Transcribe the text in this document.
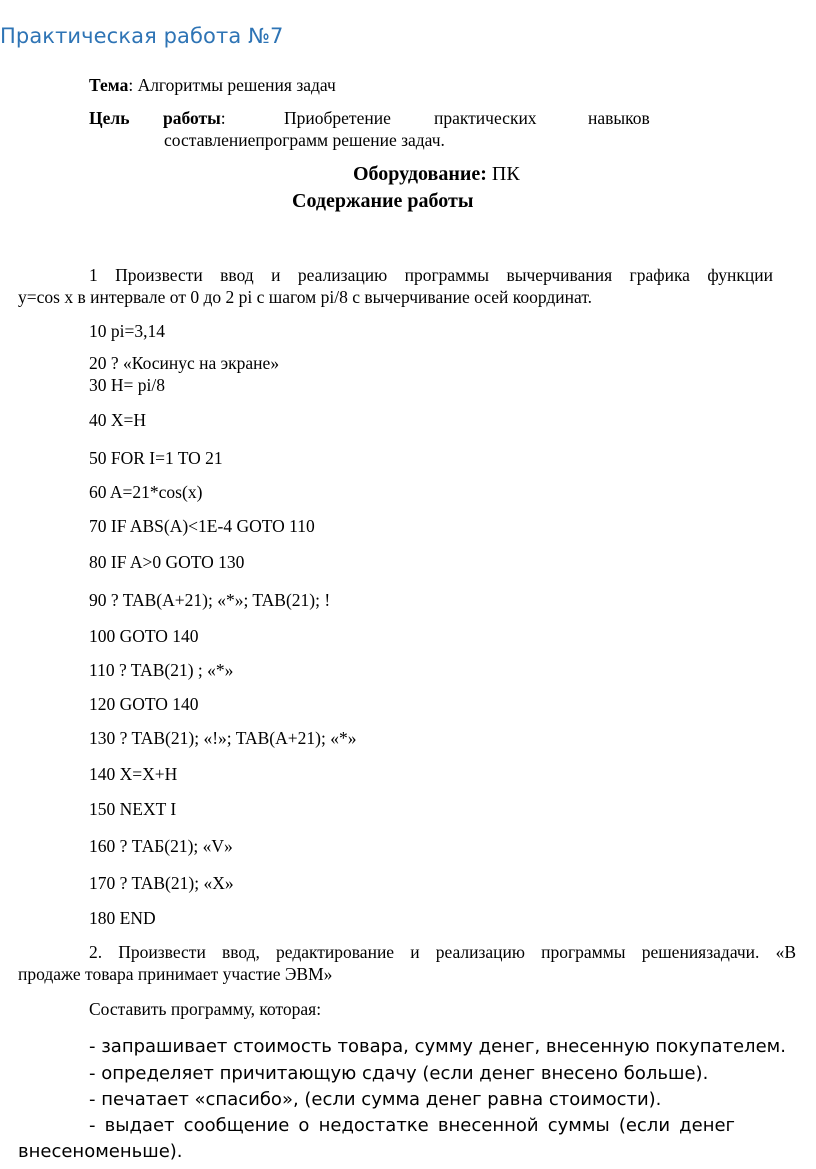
Практическая работа №7
Тема: Алгоритмы решения задач
Цель работы:	Приобретение практических	навыков
составлениепрограмм решение задач.
Оборудование: ПК
Содержание работы
1 Произвести ввод и реализацию программы вычерчивания графика функции
y=cos x в интервале от 0 до 2 pi с шагом pi/8 с вычерчивание осей координат.
10 pi=3,14
20 ? «Косинус на экране»
30 H= pi/8
40 X=H
50 FOR I=1 TO 21
60 A=21*cos(x)
70 IF ABS(A)<1E-4 GOTO 110
80 IF A>0 GOTO 130
90 ? TAB(A+21); «*»; TAB(21); !
100 GOTO 140
110 ? TAB(21) ; «*»
120 GOTO 140
130 ? TAB(21); «!»; TAB(A+21); «*»
140 X=X+H
150 NEXT I
160 ? ТАБ(21); «V»
170 ? TAB(21); «X»
180 END
2. Произвести ввод, редактирование и реализацию программы решениязадачи. «В
продаже товара принимает участие ЭВМ»
Составить программу, которая:
- запрашивает стоимость товара, сумму денег, внесенную покупателем.
- определяет причитающую сдачу (если денег внесено больше).
- печатает «спасибо», (если сумма денег равна стоимости).
- выдает сообщение о недостатке внесенной суммы (если денег
внесеноменьше).
